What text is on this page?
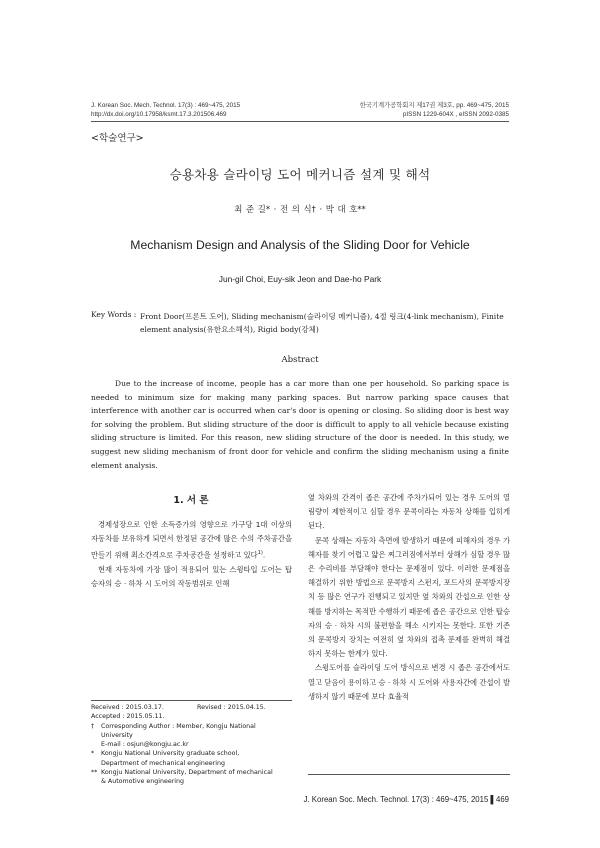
J. Korean Soc. Mech. Technol. 17(3) : 469~475, 2015
http://dx.doi.org/10.17958/ksmt.17.3.201506.469
한국기계가공학회지 제17권 제3호, pp. 469~475, 2015
pISSN 1229-604X , eISSN 2092-0385
<학술연구>
승용차용 슬라이딩 도어 메커니즘 설계 및 해석
최 준 길* · 전 의 식† · 박 대 호**
Mechanism Design and Analysis of the Sliding Door for Vehicle
Jun-gil Choi, Euy-sik Jeon and Dae-ho Park
Key Words : Front Door(프론트 도어), Sliding mechanism(슬라이딩 메커니즘), 4절 링크(4-link mechanism), Finite element analysis(유한요소해석), Rigid body(강체)
Abstract
Due to the increase of income, people has a car more than one per household. So parking space is needed to minimum size for making many parking spaces. But narrow parking space causes that interference with another car is occurred when car's door is opening or closing. So sliding door is best way for solving the problem. But sliding structure of the door is difficult to apply to all vehicle because existing sliding structure is limited. For this reason, new sliding structure of the door is needed. In this study, we suggest new sliding mechanism of front door for vehicle and confirm the sliding mechanism using a finite element analysis.
1. 서 론

경제성장으로 인한 소득증가의 영향으로 가구당 1대 이상의 자동차를 보유하게 되면서 한정된 공간에 많은 수의 주차공간을 만들기 위해 최소간격으로 주차공간을 설정하고 있다$^{1)}$.

현재 자동차에 가장 많이 적용되어 있는 스윙타입 도어는 탑승자의 승 · 하차 시 도어의 작동범위로 인해

옆 차와의 간격이 좁은 공간에 주차가되어 있는 경우 도어의 열림량이 제한적이고 심할 경우 문콕이라는 자동차 상해를 입히게 된다.

문콕 상해는 자동차 측면에 발생하기 때문에 피해자의 경우 가해자를 찾기 어렵고 얇은 찌그러짐에서부터 상해가 심할 경우 많은 수리비를 부담해야 한다는 문제점이 있다. 이러한 문제점을 해결하기 위한 방법으로 문콕방지 스펀지, 포드사의 문콕방지장치 등 많은 연구가 진행되고 있지만 옆 차와의 간섭으로 인한 상해를 방지하는 목적만 수행하기 때문에 좁은 공간으로 인한 탑승자의 승 · 하차 시의 불편함을 해소 시키지는 못한다. 또한 기존의 문콕방지 장치는 여전히 옆 차와의 접촉 문제를 완벽히 해결하지 못하는 한계가 있다.

스윙도어를 슬라이딩 도어 방식으로 변경 시 좁은 공간에서도 열고 닫음이 용이하고 승 · 하차 시 도어와 사용자간에 간섭이 발생하지 않기 때문에 보다 효율적

Received : 2015.03.17.	Revised : 2015.04.15.
Accepted : 2015.05.11.
† Corresponding Author : Member, Kongju National
University
E-mail : osjun@kongju.ac.kr
* Kongju National University graduate school,
Department of mechanical engineering
** Kongju National University, Department of mechanical
& Automotive engineering
J. Korean Soc. Mech. Technol. 17(3) : 469~475, 2015 ▌469
